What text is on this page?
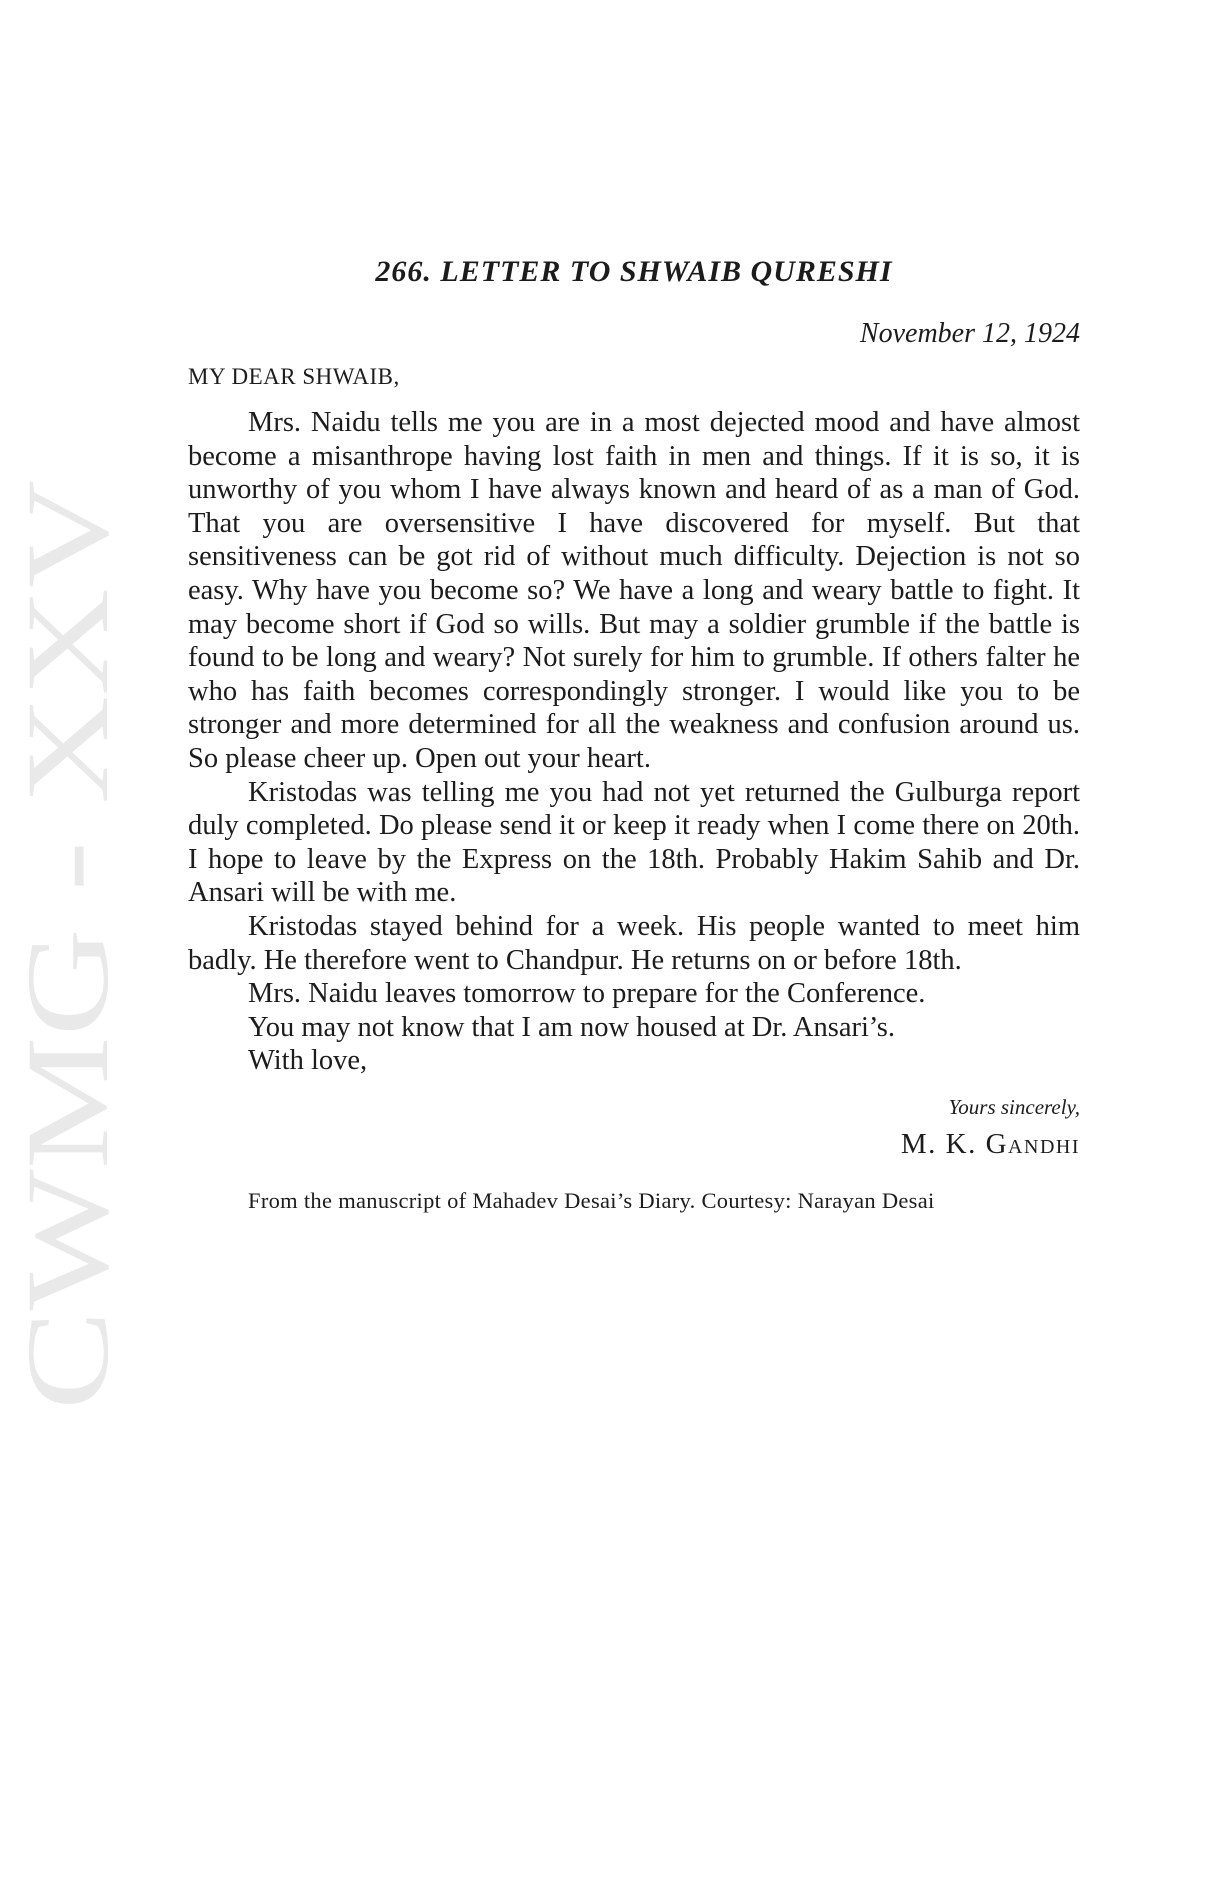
CWMG - XXV
266. LETTER TO SHWAIB QURESHI
November 12, 1924
MY DEAR SHWAIB,

Mrs. Naidu tells me you are in a most dejected mood and have almost become a misanthrope having lost faith in men and things. If it is so, it is unworthy of you whom I have always known and heard of as a man of God. That you are oversensitive I have discovered for myself. But that sensitiveness can be got rid of without much difficulty. Dejection is not so easy. Why have you become so? We have a long and weary battle to fight. It may become short if God so wills. But may a soldier grumble if the battle is found to be long and weary? Not surely for him to grumble. If others falter he who has faith becomes correspondingly stronger. I would like you to be stronger and more determined for all the weakness and confusion around us. So please cheer up. Open out your heart.

Kristodas was telling me you had not yet returned the Gulburga report duly completed. Do please send it or keep it ready when I come there on 20th. I hope to leave by the Express on the 18th. Probably Hakim Sahib and Dr. Ansari will be with me.

Kristodas stayed behind for a week. His people wanted to meet him badly. He therefore went to Chandpur. He returns on or before 18th.

Mrs. Naidu leaves tomorrow to prepare for the Conference.

You may not know that I am now housed at Dr. Ansari’s.

With love,

Yours sincerely,
M. K. Gandhi

From the manuscript of Mahadev Desai’s Diary. Courtesy: Narayan Desai
